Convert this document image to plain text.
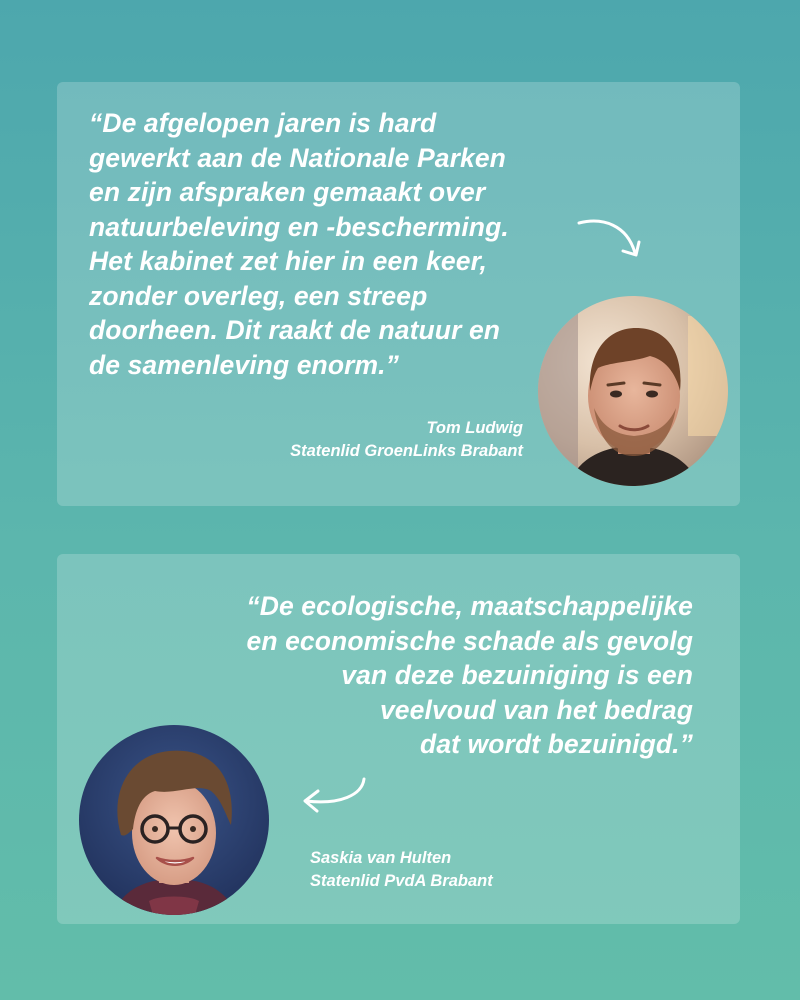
“De afgelopen jaren is hard
gewerkt aan de Nationale Parken
en zijn afspraken gemaakt over
natuurbeleving en -bescherming.
Het kabinet zet hier in een keer,
zonder overleg, een streep
doorheen. Dit raakt de natuur en
de samenleving enorm.”

Tom Ludwig
Statenlid GroenLinks Brabant

“De ecologische, maatschappelijke
en economische schade als gevolg
van deze bezuiniging is een
veelvoud van het bedrag
dat wordt bezuinigd.”

Saskia van Hulten
Statenlid PvdA Brabant
